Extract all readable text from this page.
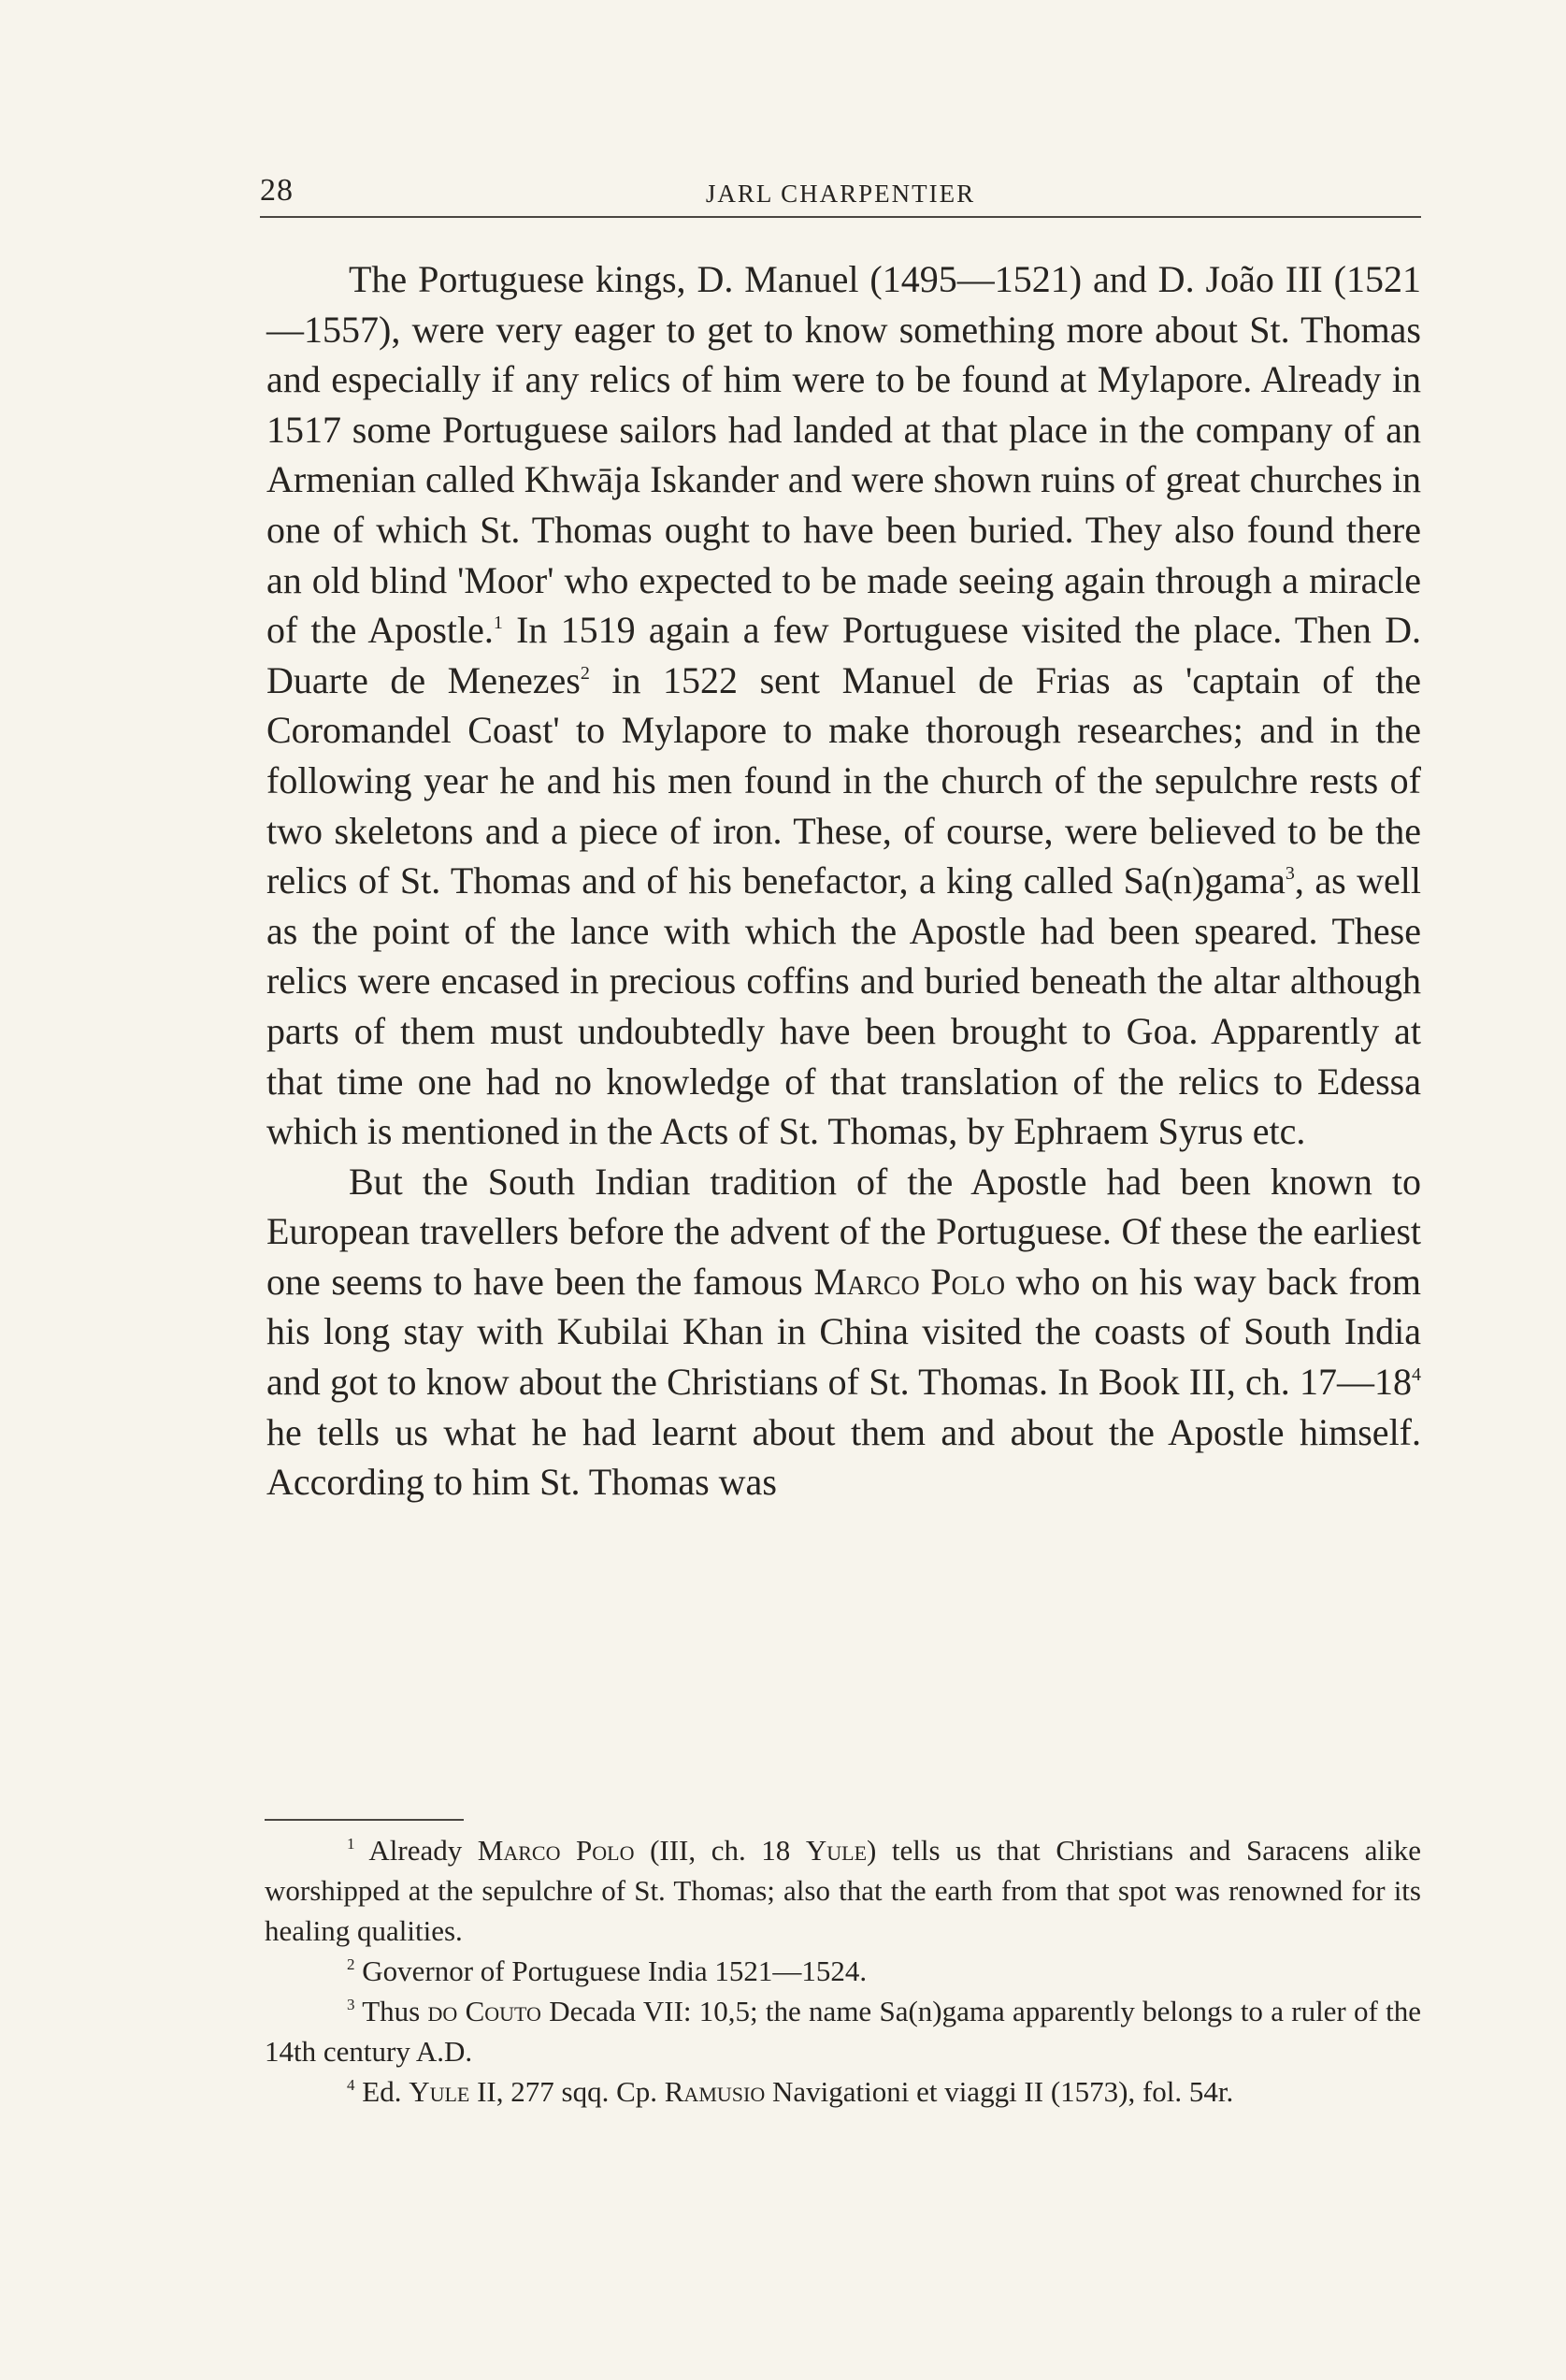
28	JARL CHARPENTIER

The Portuguese kings, D. Manuel (1495—1521) and D. João III (1521—1557), were very eager to get to know something more about St. Thomas and especially if any relics of him were to be found at Mylapore. Already in 1517 some Portuguese sailors had landed at that place in the company of an Armenian called Khwāja Iskander and were shown ruins of great churches in one of which St. Thomas ought to have been buried. They also found there an old blind 'Moor' who expected to be made seeing again through a miracle of the Apostle.$^1$ In 1519 again a few Portuguese visited the place. Then D. Duarte de Menezes$^2$ in 1522 sent Manuel de Frias as 'captain of the Coromandel Coast' to Mylapore to make thorough researches; and in the following year he and his men found in the church of the sepulchre rests of two skeletons and a piece of iron. These, of course, were believed to be the relics of St. Thomas and of his benefactor, a king called Sa(n)gama$^3$, as well as the point of the lance with which the Apostle had been speared. These relics were encased in precious coffins and buried beneath the altar although parts of them must undoubtedly have been brought to Goa. Apparently at that time one had no knowledge of that translation of the relics to Edessa which is mentioned in the Acts of St. Thomas, by Ephraem Syrus etc.

But the South Indian tradition of the Apostle had been known to European travellers before the advent of the Portuguese. Of these the earliest one seems to have been the famous Marco Polo who on his way back from his long stay with Kubilai Khan in China visited the coasts of South India and got to know about the Christians of St. Thomas. In Book III, ch. $17—18^4$ he tells us what he had learnt about them and about the Apostle himself. According to him St. Thomas was

$^1$ Already Marco Polo (III, ch. 18 Yule) tells us that Christians and Saracens alike worshipped at the sepulchre of St. Thomas; also that the earth from that spot was renowned for its healing qualities.

$^2$ Governor of Portuguese India 1521—1524.

$^3$ Thus do Couto Decada VII: 10,5; the name Sa(n)gama apparently belongs to a ruler of the 14th century A.D.

$^4$ Ed. Yule II, 277 sqq. Cp. Ramusio Navigationi et viaggi II (1573), fol. 54r.
